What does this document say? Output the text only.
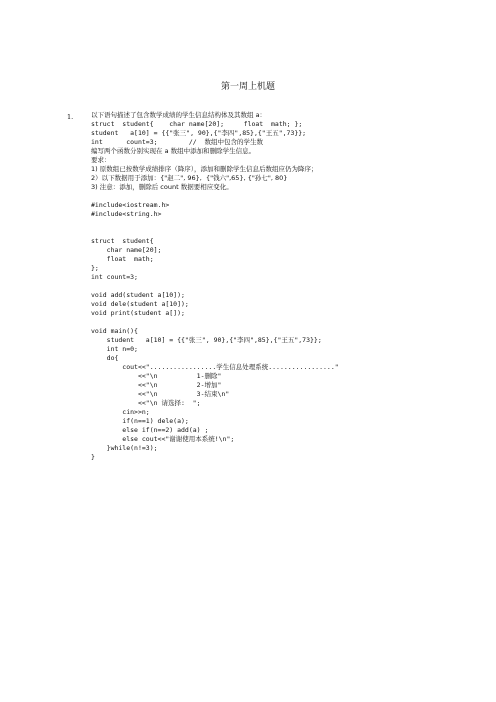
第一周上机题
1.	以下语句描述了包含数学成绩的学生信息结构体及其数组 a：
struct  student{    char name[20];     float  math; };
student   a[10] = {{"张三", 90},{"李四",85},{"王五",73}};
int      count=3;        //  数组中包含的学生数
编写两个函数分别实现在 a 数组中添加和删除学生信息。
要求：
1) 原数组已按数学成绩排序（降序），添加和删除学生信息后数组应仍为降序；
2）以下数据用于添加：{"赵二", 96},  {"钱六",65}, {"孙七", 80}
3) 注意：添加，删除后 count 数据要相应变化。
#include<iostream.h>
#include<string.h>
struct  student{
char name[20];
float  math;
};
int count=3;
void add(student a[10]);
void dele(student a[10]);
void print(student a[]);
void main(){
student   a[10] = {{"张三", 90},{"李四",85},{"王五",73}};
int n=0;
do{
cout<<".................学生信息处理系统................."
<<"\n          1-删除"
<<"\n          2-增加"
<<"\n          3-结束\n"
<<"\n 请选择:  ";
cin>>n;
if(n==1) dele(a);
else if(n==2) add(a) ;
else cout<<"谢谢使用本系统!\n";
}while(n!=3);
}
